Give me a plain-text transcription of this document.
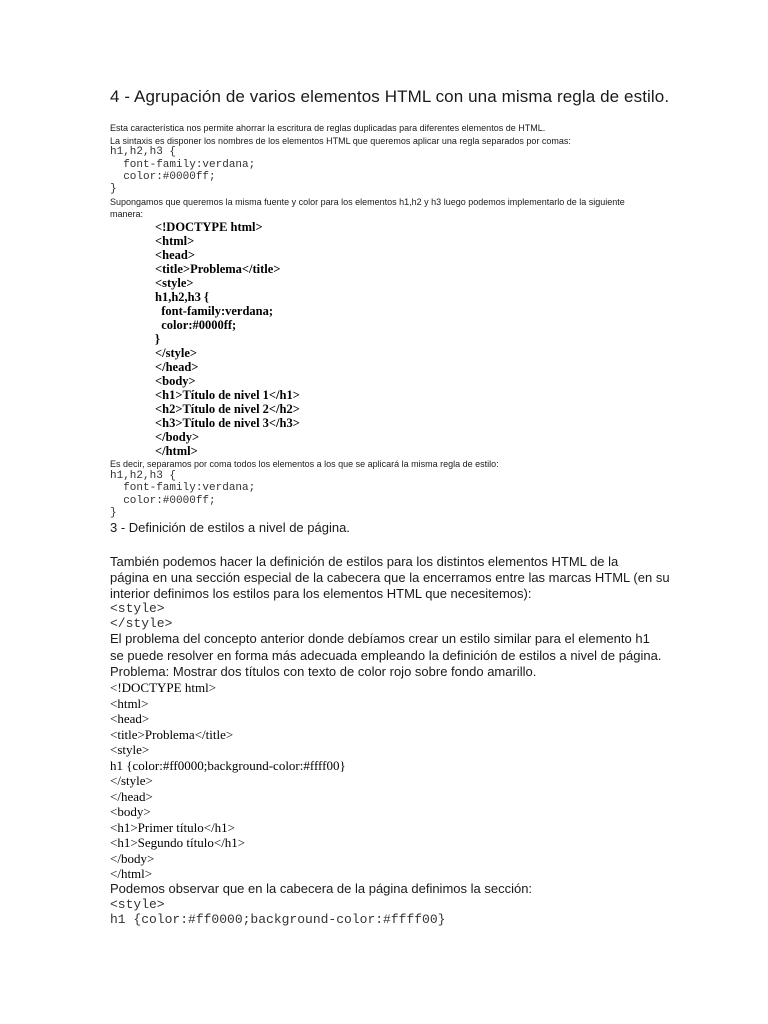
4 - Agrupación de varios elementos HTML con una misma regla de estilo.
Esta característica nos permite ahorrar la escritura de reglas duplicadas para diferentes elementos de HTML.
La sintaxis es disponer los nombres de los elementos HTML que queremos aplicar una regla separados por comas:
h1,h2,h3 {
font-family:verdana;
color:#0000ff;
}
Supongamos que queremos la misma fuente y color para los elementos h1,h2 y h3 luego podemos implementarlo de la siguiente
manera:
<!DOCTYPE html>
<html>
<head>
<title>Problema</title>
<style>
h1,h2,h3 {
font-family:verdana;
color:#0000ff;
}
</style>
</head>
<body>
<h1>Título de nivel 1</h1>
<h2>Título de nivel 2</h2>
<h3>Título de nivel 3</h3>
</body>
</html>
Es decir, separamos por coma todos los elementos a los que se aplicará la misma regla de estilo:
h1,h2,h3 {
font-family:verdana;
color:#0000ff;
}
3 - Definición de estilos a nivel de página.
También podemos hacer la definición de estilos para los distintos elementos HTML de la
página en una sección especial de la cabecera que la encerramos entre las marcas HTML (en su
interior definimos los estilos para los elementos HTML que necesitemos):
<style>
</style>
El problema del concepto anterior donde debíamos crear un estilo similar para el elemento h1
se puede resolver en forma más adecuada empleando la definición de estilos a nivel de página.
Problema: Mostrar dos títulos con texto de color rojo sobre fondo amarillo.
<!DOCTYPE html>
<html>
<head>
<title>Problema</title>
<style>
h1 {color:#ff0000;background-color:#ffff00}
</style>
</head>
<body>
<h1>Primer título</h1>
<h1>Segundo título</h1>
</body>
</html>
Podemos observar que en la cabecera de la página definimos la sección:
<style>
h1 {color:#ff0000;background-color:#ffff00}
